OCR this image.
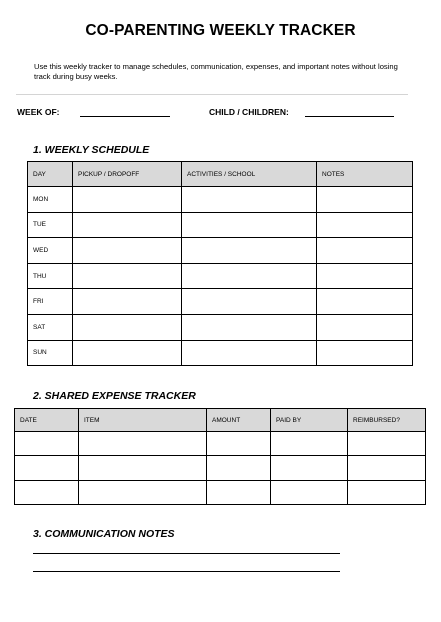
CO-PARENTING WEEKLY TRACKER
Use this weekly tracker to manage schedules, communication, expenses, and important notes without losing track during busy weeks.
WEEK OF:	CHILD / CHILDREN:
1. WEEKLY SCHEDULE
DAY	PICKUP / DROPOFF	ACTIVITIES / SCHOOL	NOTES
MON			
TUE			
WED			
THU			
FRI			
SAT			
SUN			
2. SHARED EXPENSE TRACKER
DATE	ITEM	AMOUNT	PAID BY	REIMBURSED?

3. COMMUNICATION NOTES
